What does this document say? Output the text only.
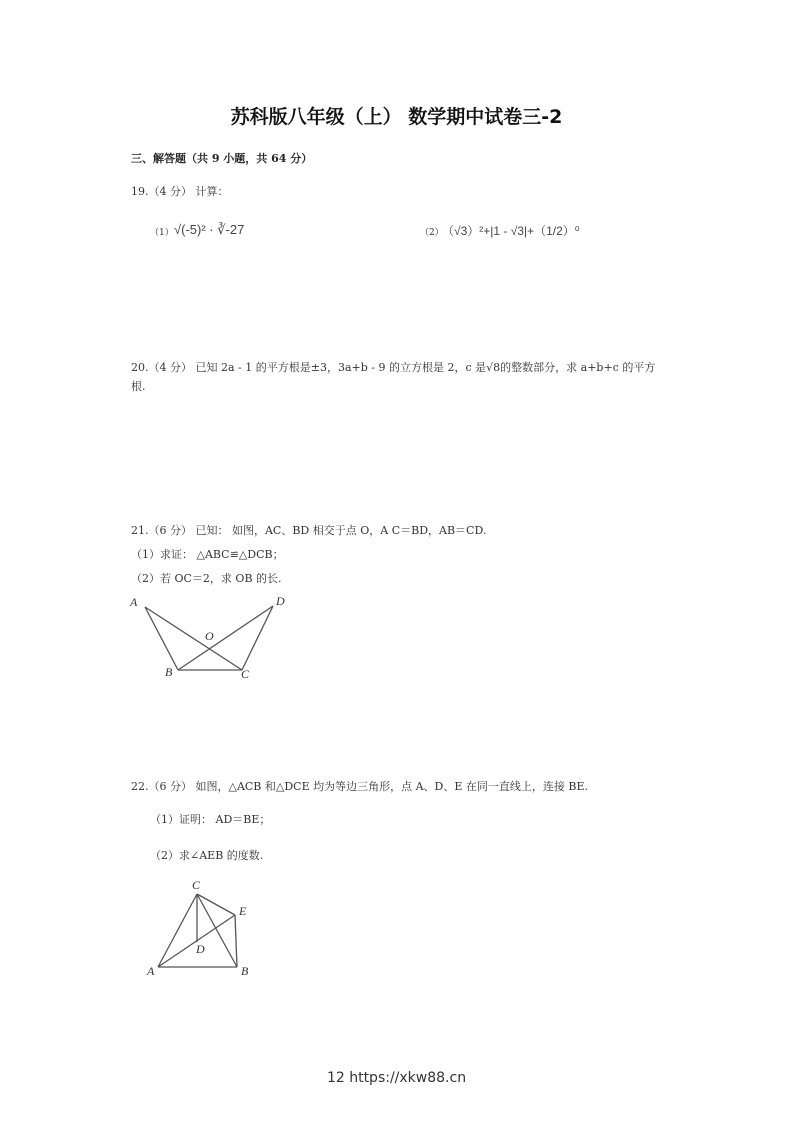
苏科版八年级（上） 数学期中试卷三-2
三、解答题（共 9 小题，共 64 分）
19.（4 分） 计算：
（1） √(-5)² · ∛-27	（2）
（√3）²+|1 - √3|+（1/2）⁰
20.（4 分） 已知 2a - 1 的平方根是±3，3a+b - 9 的立方根是 2，c 是√8的整数部分，求 a+b+c 的平方
根.
21.（6 分） 已知： 如图，AC、BD 相交于点 O，A C＝BD，AB＝CD.
（1）求证： △ABC≌△DCB；
（2）若 OC＝2，求 OB 的长.
A	D
B	C
O
C
E
D
A	B
22.（6 分） 如图，△ACB 和△DCE 均为等边三角形，点 A、D、E 在同一直线上，连接 BE.
（1）证明： AD＝BE；
（2）求∠AEB 的度数.
12 https://xkw88.cn
